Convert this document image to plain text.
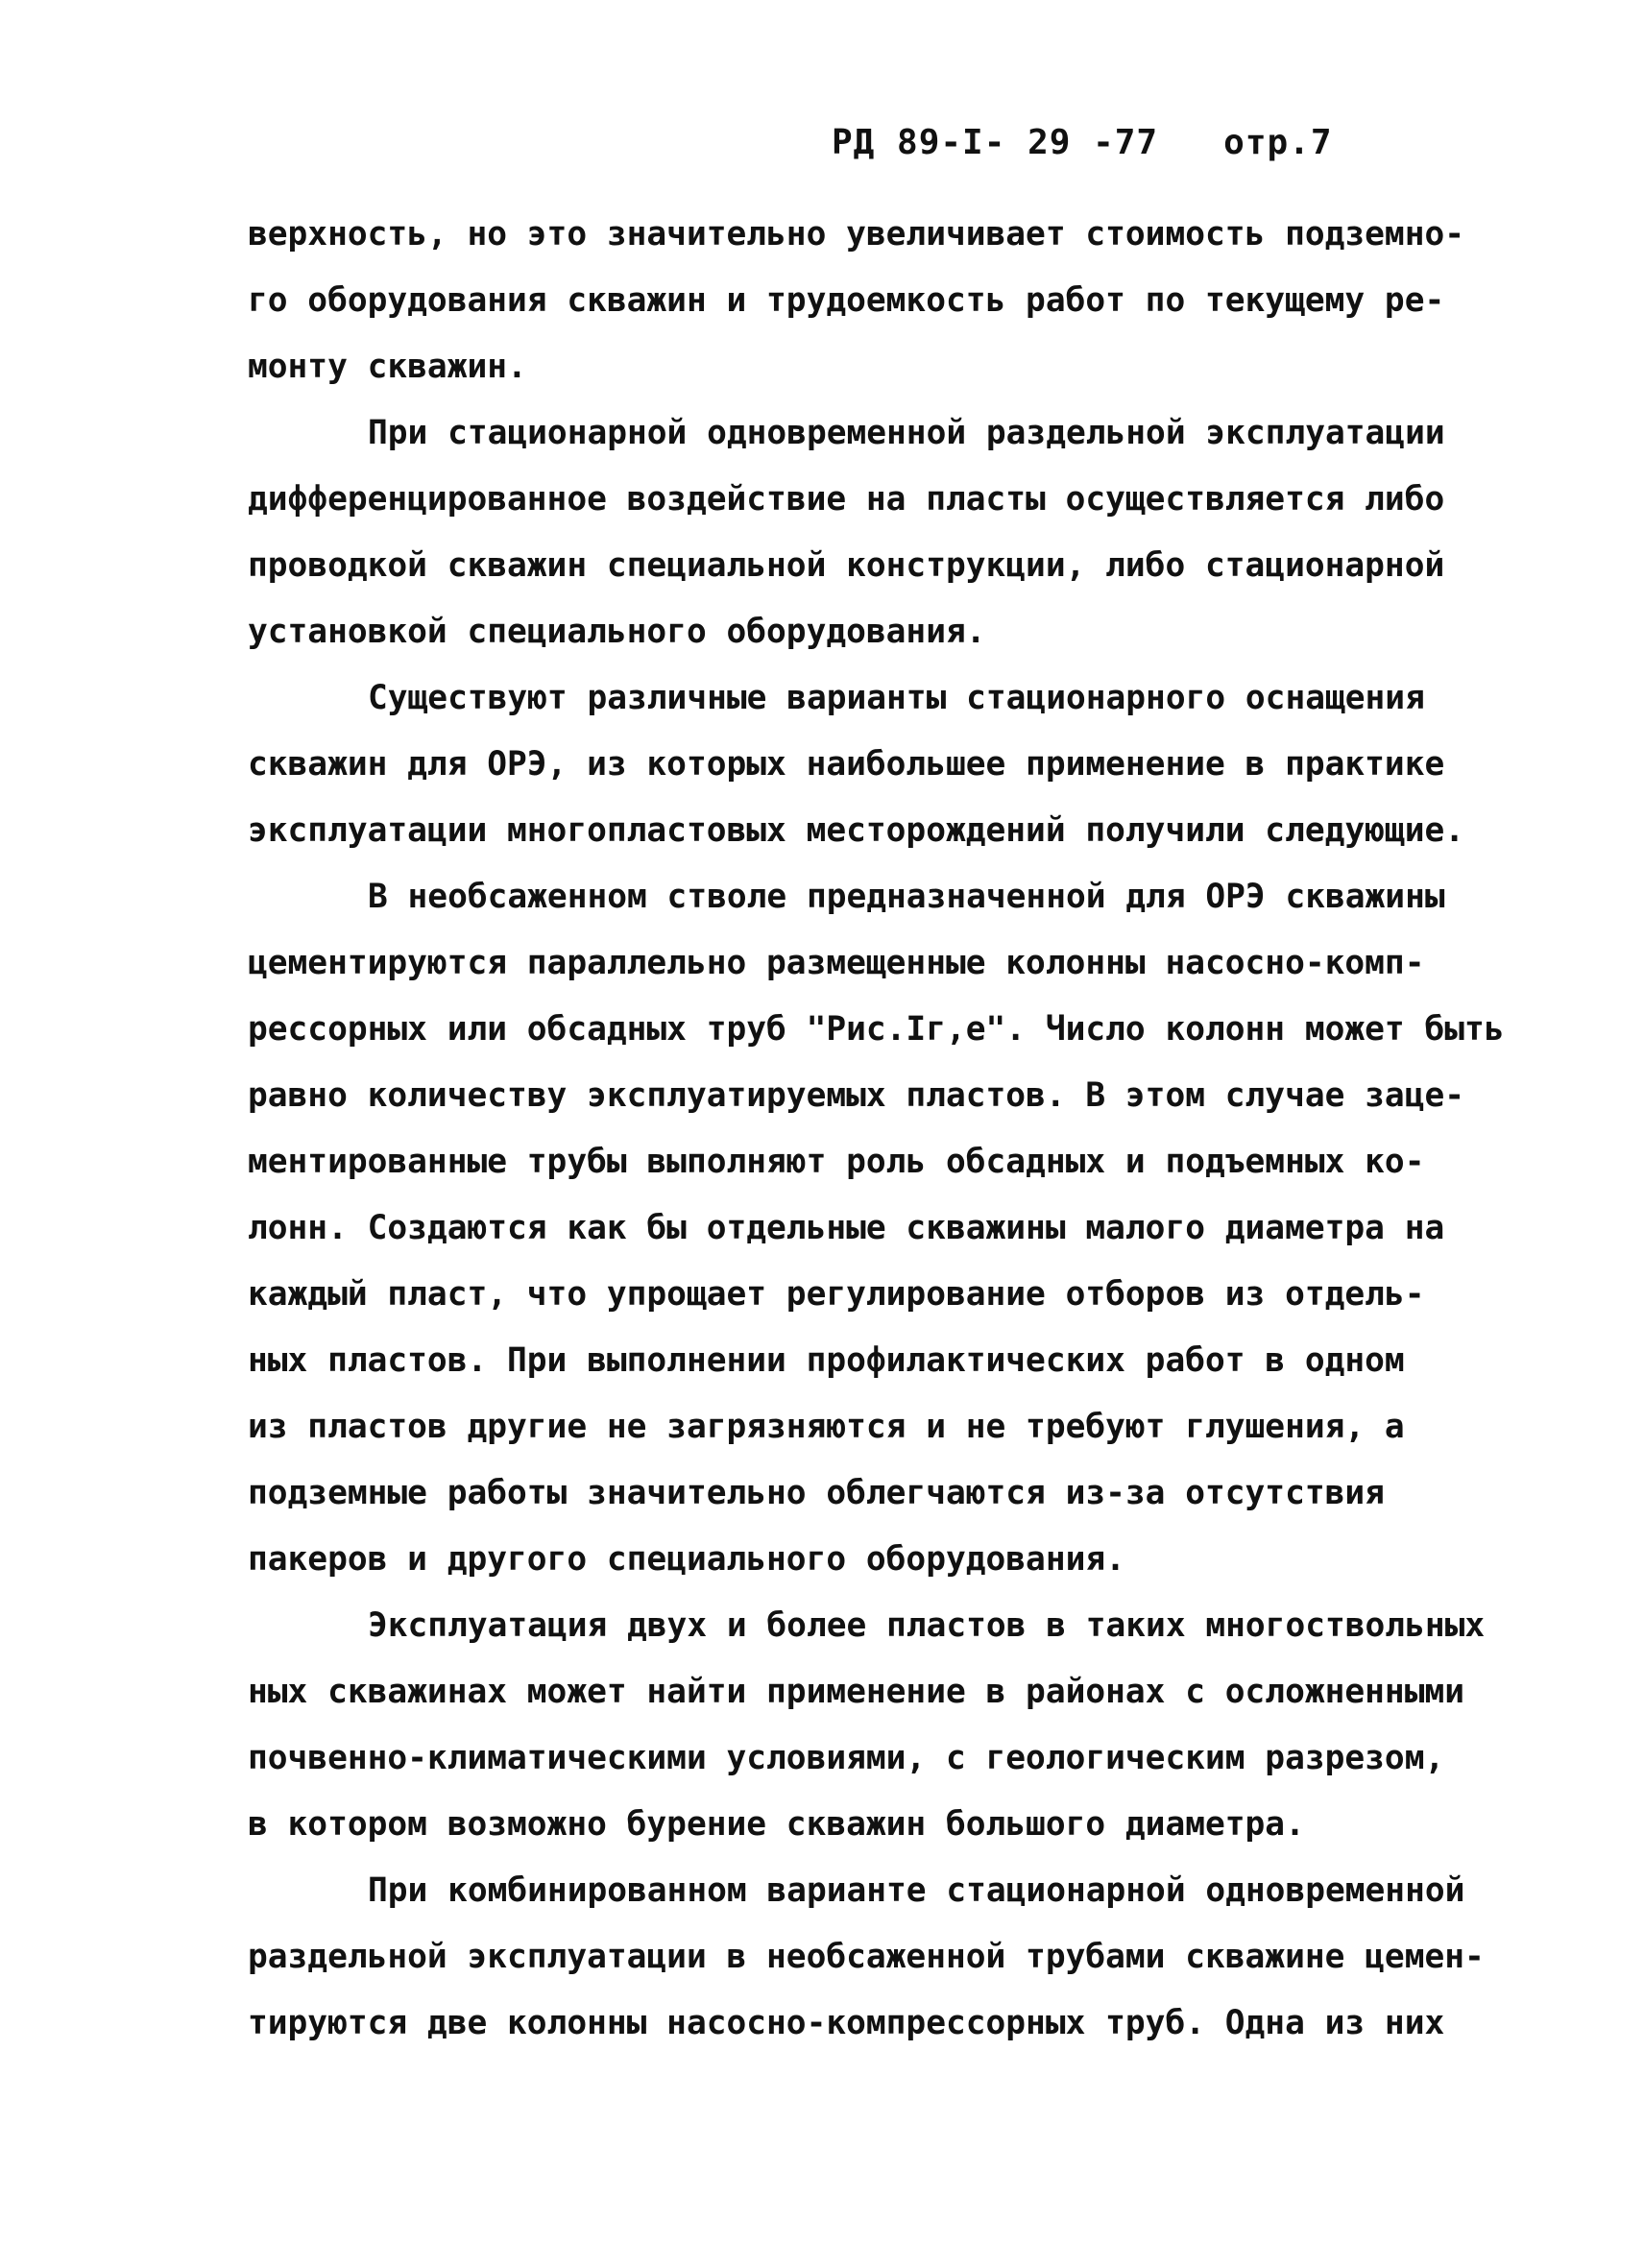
РД 89-I- 29 -77 отр.7
верхность, но это значительно увеличивает стоимость подземно-
го оборудования скважин и трудоемкость работ по текущему ре-
монту скважин.
При стационарной одновременной раздельной эксплуатации
дифференцированное воздействие на пласты осуществляется либо
проводкой скважин специальной конструкции, либо стационарной
установкой специального оборудования.
Существуют различные варианты стационарного оснащения
скважин для ОРЭ, из которых наибольшее применение в практике
эксплуатации многопластовых месторождений получили следующие.
В необсаженном стволе предназначенной для ОРЭ скважины
цементируются параллельно размещенные колонны насосно-комп-
рессорных или обсадных труб "Рис.Iг,е". Число колонн может быть
равно количеству эксплуатируемых пластов. В этом случае заце-
ментированные трубы выполняют роль обсадных и подъемных ко-
лонн. Создаются как бы отдельные скважины малого диаметра на
каждый пласт, что упрощает регулирование отборов из отдель-
ных пластов. При выполнении профилактических работ в одном
из пластов другие не загрязняются и не требуют глушения, а
подземные работы значительно облегчаются из-за отсутствия
пакеров и другого специального оборудования.
Эксплуатация двух и более пластов в таких многоствольных
ных скважинах может найти применение в районах с осложненными
почвенно-климатическими условиями, с геологическим разрезом,
в котором возможно бурение скважин большого диаметра.
При комбинированном варианте стационарной одновременной
раздельной эксплуатации в необсаженной трубами скважине цемен-
тируются две колонны насосно-компрессорных труб. Одна из них
